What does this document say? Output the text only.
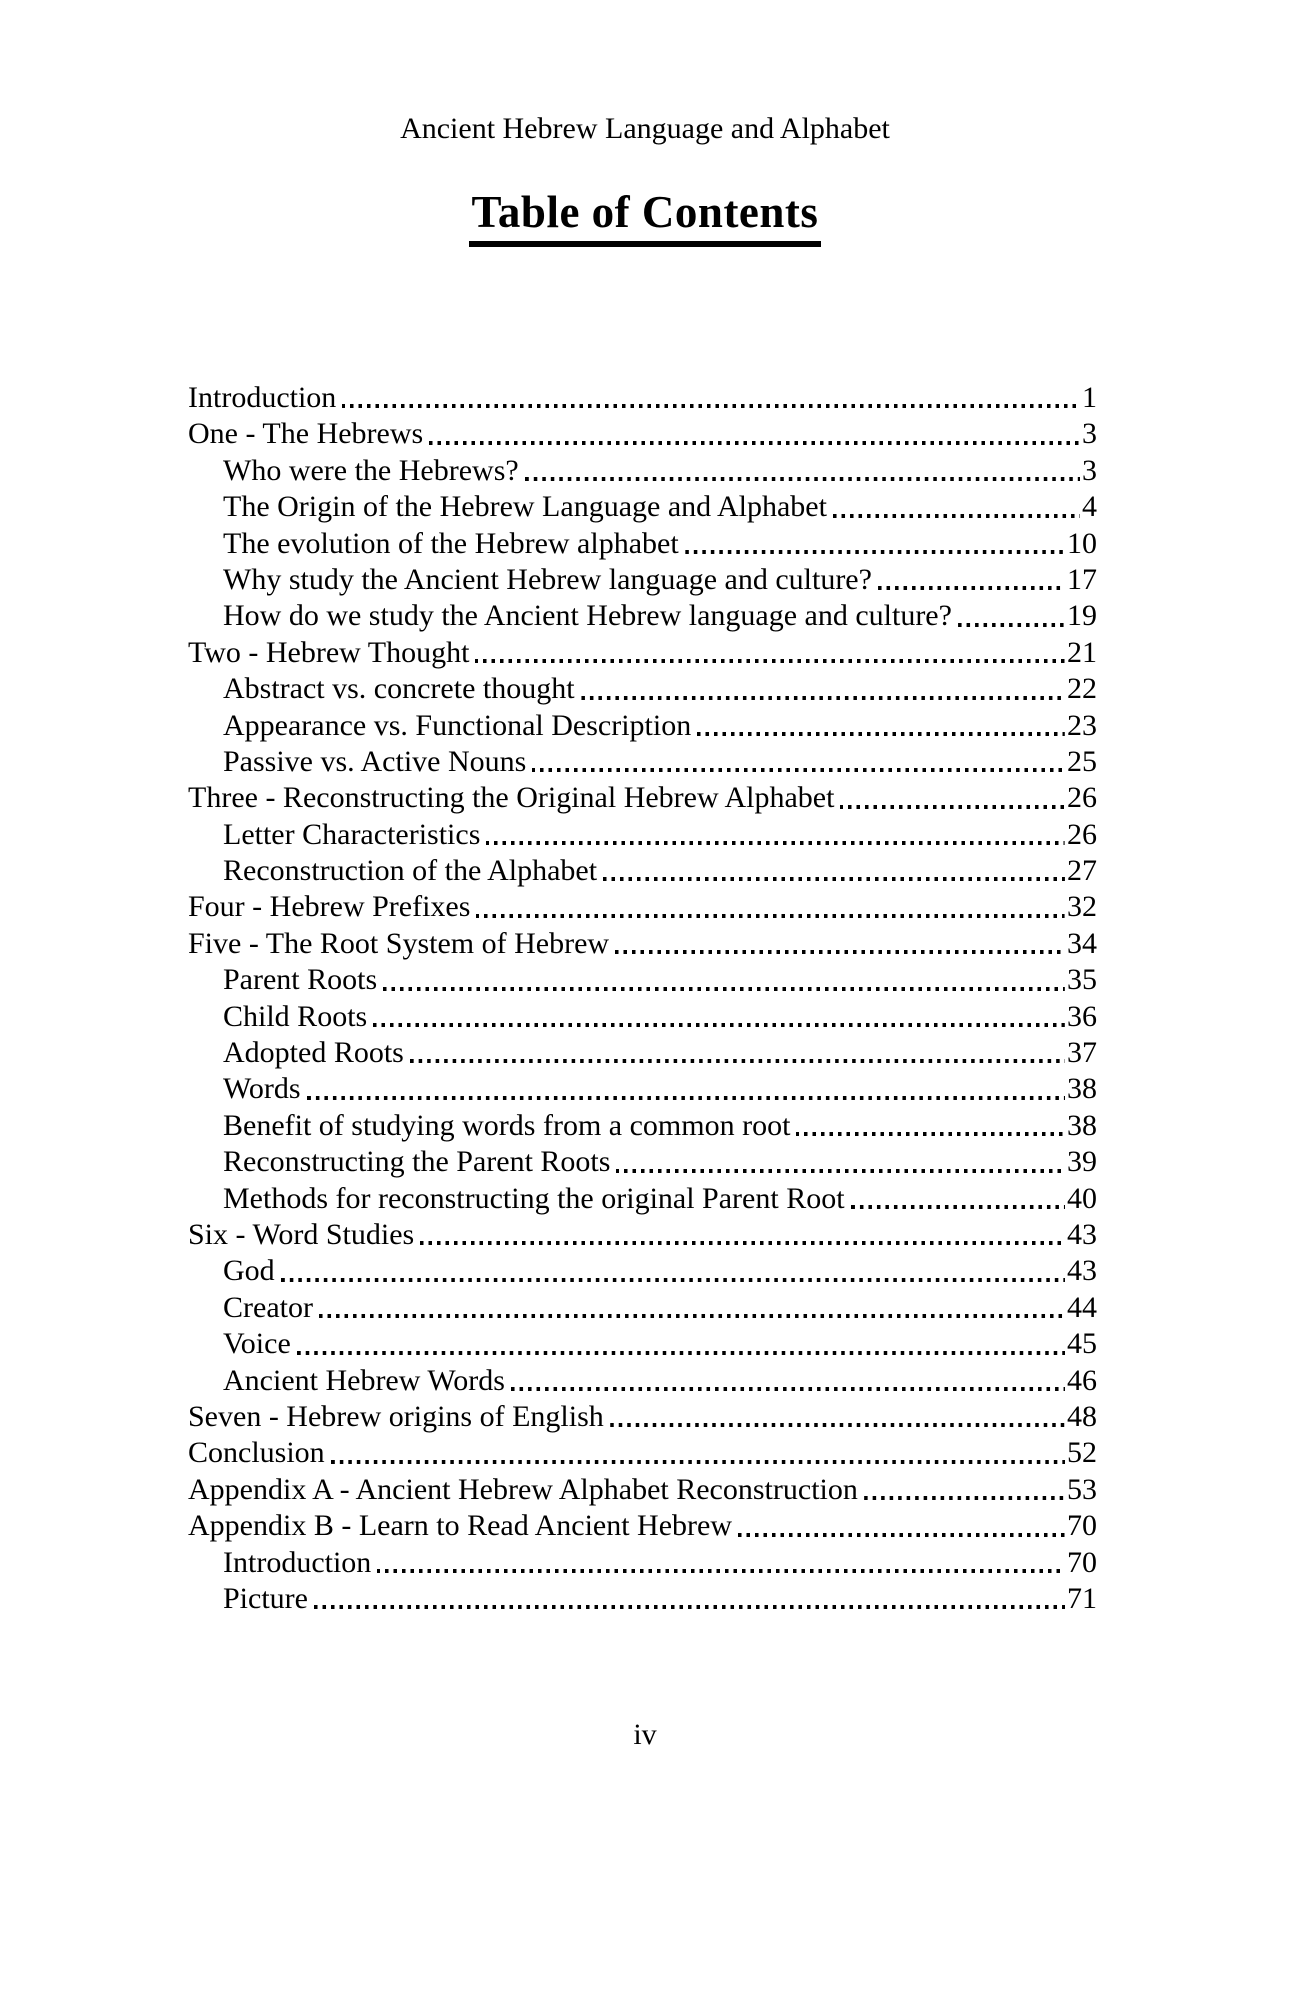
Ancient Hebrew Language and Alphabet
Table of Contents
Introduction	1
One - The Hebrews	3
Who were the Hebrews?	3
The Origin of the Hebrew Language and Alphabet	4
The evolution of the Hebrew alphabet	10
Why study the Ancient Hebrew language and culture?	17
How do we study the Ancient Hebrew language and culture?	19
Two - Hebrew Thought	21
Abstract vs. concrete thought	22
Appearance vs. Functional Description	23
Passive vs. Active Nouns	25
Three - Reconstructing the Original Hebrew Alphabet	26
Letter Characteristics	26
Reconstruction of the Alphabet	27
Four - Hebrew Prefixes	32
Five - The Root System of Hebrew	34
Parent Roots	35
Child Roots	36
Adopted Roots	37
Words	38
Benefit of studying words from a common root	38
Reconstructing the Parent Roots	39
Methods for reconstructing the original Parent Root	40
Six - Word Studies	43
God	43
Creator	44
Voice	45
Ancient Hebrew Words	46
Seven - Hebrew origins of English	48
Conclusion	52
Appendix A - Ancient Hebrew Alphabet Reconstruction	53
Appendix B - Learn to Read Ancient Hebrew	70
Introduction	70
Picture	71
iv
